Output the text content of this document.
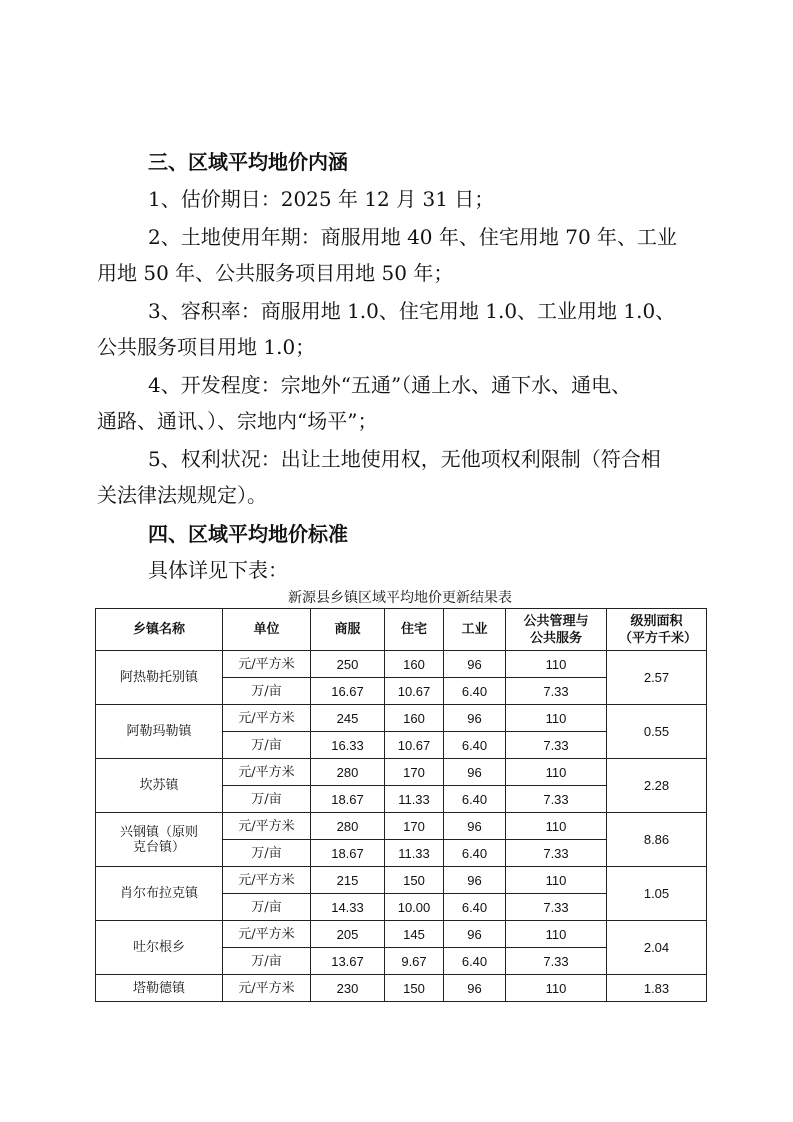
三、区域平均地价内涵
1、估价期日：2025 年 12 月 31 日；
2、土地使用年期：商服用地 40 年、住宅用地 70 年、工业
用地 50 年、公共服务项目用地 50 年；
3、容积率：商服用地 1.0、住宅用地 1.0、工业用地 1.0、
公共服务项目用地 1.0；
4、开发程度：宗地外“五通”（通上水、通下水、通电、
通路、通讯、）、宗地内“场平”；
5、权利状况：出让土地使用权，无他项权利限制（符合相
关法律法规规定）。
四、区域平均地价标准
具体详见下表：
新源县乡镇区域平均地价更新结果表
乡镇名称	单位	商服	住宅	工业	公共管理与公共服务	级别面积（平方千米）
阿热勒托别镇	元/平方米	250	160	96	110	2.57
	万/亩	16.67	10.67	6.40	7.33	
阿勒玛勒镇	元/平方米	245	160	96	110	0.55
	万/亩	16.33	10.67	6.40	7.33	
坎苏镇	元/平方米	280	170	96	110	2.28
	万/亩	18.67	11.33	6.40	7.33	
兴钢镇（原则克台镇）	元/平方米	280	170	96	110	8.86
	万/亩	18.67	11.33	6.40	7.33	
肖尔布拉克镇	元/平方米	215	150	96	110	1.05
	万/亩	14.33	10.00	6.40	7.33	
吐尔根乡	元/平方米	205	145	96	110	2.04
	万/亩	13.67	9.67	6.40	7.33	
塔勒德镇	元/平方米	230	150	96	110	1.83
